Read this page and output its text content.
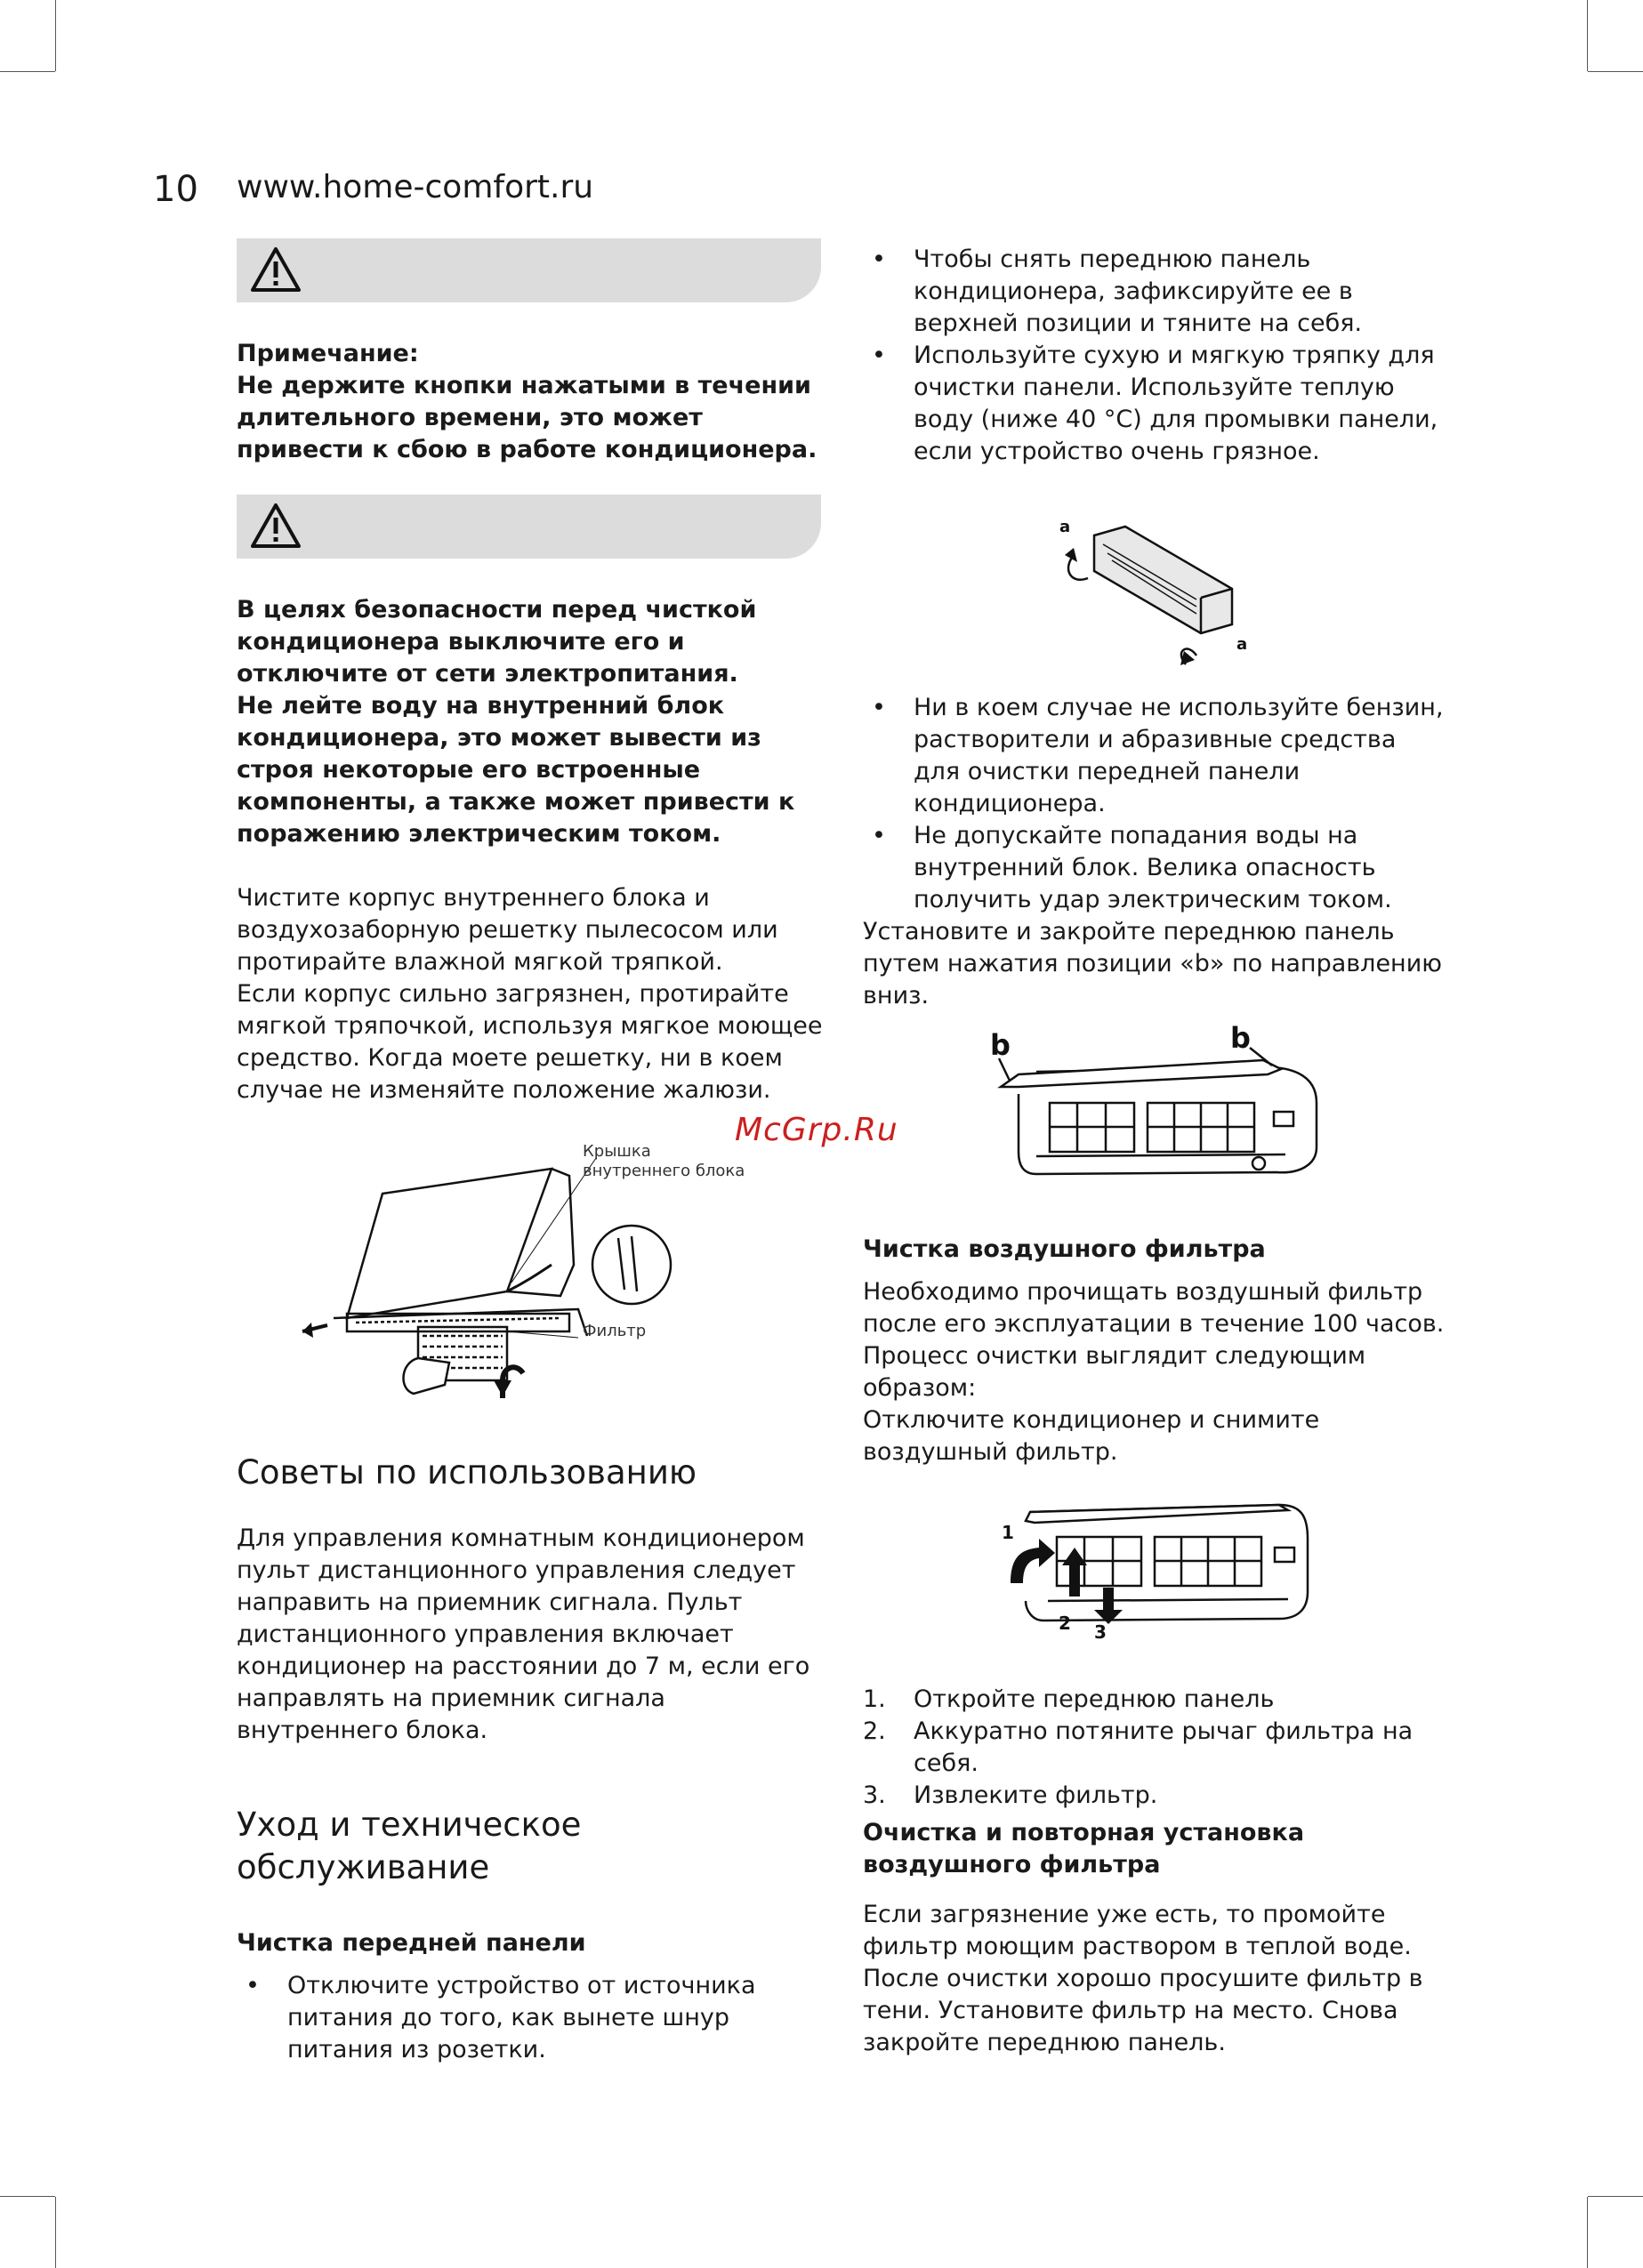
10 www.home-comfort.ru
McGrp.Ru

Примечание:

Не держите кнопки нажатыми в течении длительного времени, это может привести к сбою в работе кондиционера.

В целях безопасности перед чисткой кондиционера выключите его и отключите от сети электропитания.

Не лейте воду на внутренний блок кондиционера, это может вывести из строя некоторые его встроенные компоненты, а также может привести к поражению электрическим током.

Чистите корпус внутреннего блока и воздухозаборную решетку пылесосом или протирайте влажной мягкой тряпкой.

Если корпус сильно загрязнен, протирайте мягкой тряпочкой, используя мягкое моющее средство. Когда моете решетку, ни в коем случае не изменяйте положение жалюзи.

Крышка внутреннего блока
Фильтр
Советы по использованию

Для управления комнатным кондиционером пульт дистанционного управления следует направить на приемник сигнала. Пульт дистанционного управления включает кондиционер на расстоянии до 7 м, если его направлять на приемник сигнала внутреннего блока.

Уход и техническое обслуживание

Чистка передней панели

• Отключите устройство от источника питания до того, как вынете шнур питания из розетки.
• Чтобы снять переднюю панель кондиционера, зафиксируйте ее в верхней позиции и тяните на себя.
• Используйте сухую и мягкую тряпку для очистки панели. Используйте теплую воду (ниже 40 °C) для промывки панели, если устройство очень грязное.
a
a
• Ни в коем случае не используйте бензин, растворители и абразивные средства для очистки передней панели кондиционера.
• Не допускайте попадания воды на внутренний блок. Велика опасность получить удар электрическим током.

Установите и закройте переднюю панель путем нажатия позиции «b» по направлению вниз.

b	b

Чистка воздушного фильтра

Необходимо прочищать воздушный фильтр после его эксплуатации в течение 100 часов. Процесс очистки выглядит следующим образом:

Отключите кондиционер и снимите воздушный фильтр.

1
2 3
1. Откройте переднюю панель
2. Аккуратно потяните рычаг фильтра на себя.
3. Извлеките фильтр.

Очистка и повторная установка воздушного фильтра

Если загрязнение уже есть, то промойте фильтр моющим раствором в теплой воде. После очистки хорошо просушите фильтр в тени. Установите фильтр на место. Снова закройте переднюю панель.
